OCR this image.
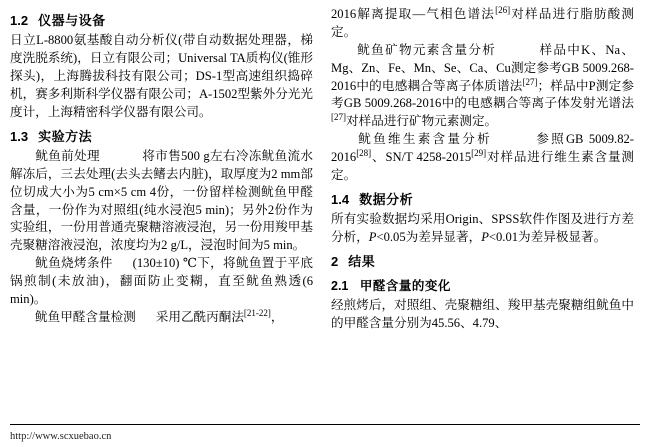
1.2 仪器与设备

日立L-8800氨基酸自动分析仪(带自动数据处理器，梯度洗脱系统)，日立有限公司；Universal TA质构仪(锥形探头)，上海腾拔科技有限公司；DS-1型高速组织捣碎机，赛多利斯科学仪器有限公司；A-1502型紫外分光光度计，上海精密科学仪器有限公司。

1.3 实验方法

鱿鱼前处理	将市售500 g左右冷冻鱿鱼流水解冻后，三去处理(去头去鳍去内脏)，取厚度为2 mm部位切成大小为5 cm×5 cm 4份，一份留样检测鱿鱼甲醛含量，一份作为对照组(纯水浸泡5 min)；另外2份作为实验组，一份用普通壳聚糖溶液浸泡，另一份用羧甲基壳聚糖溶液浸泡，浓度均为2 g/L，浸泡时间为5 min。

鱿鱼烧烤条件 (130±10) ℃下，将鱿鱼置于平底锅煎制(未放油)，翻面防止变糊，直至鱿鱼熟透(6 min)。

鱿鱼甲醛含量检测 采用乙酰丙酮法[21-22]，

2016解离提取—气相色谱法[26]对样品进行脂肪酸测定。

鱿鱼矿物元素含量分析	样品中K、Na、Mg、Zn、Fe、Mn、Se、Ca、Cu测定参考GB 5009.268-2016中的电感耦合等离子体质谱法[27]；样品中P测定参考GB 5009.268-2016中的电感耦合等离子体发射光谱法[27]对样品进行矿物元素测定。

鱿鱼维生素含量分析	参照GB 5009.82-2016[28]、SN/T 4258-2015[29]对样品进行维生素含量测定。

1.4 数据分析

所有实验数据均采用Origin、SPSS软件作图及进行方差分析，P<0.05为差异显著，P<0.01为差异极显著。

2 结果
2.1 甲醛含量的变化

经煎烤后，对照组、壳聚糖组、羧甲基壳聚糖组鱿鱼中的甲醛含量分别为45.56、4.79、

http://www.scxuebao.cn
